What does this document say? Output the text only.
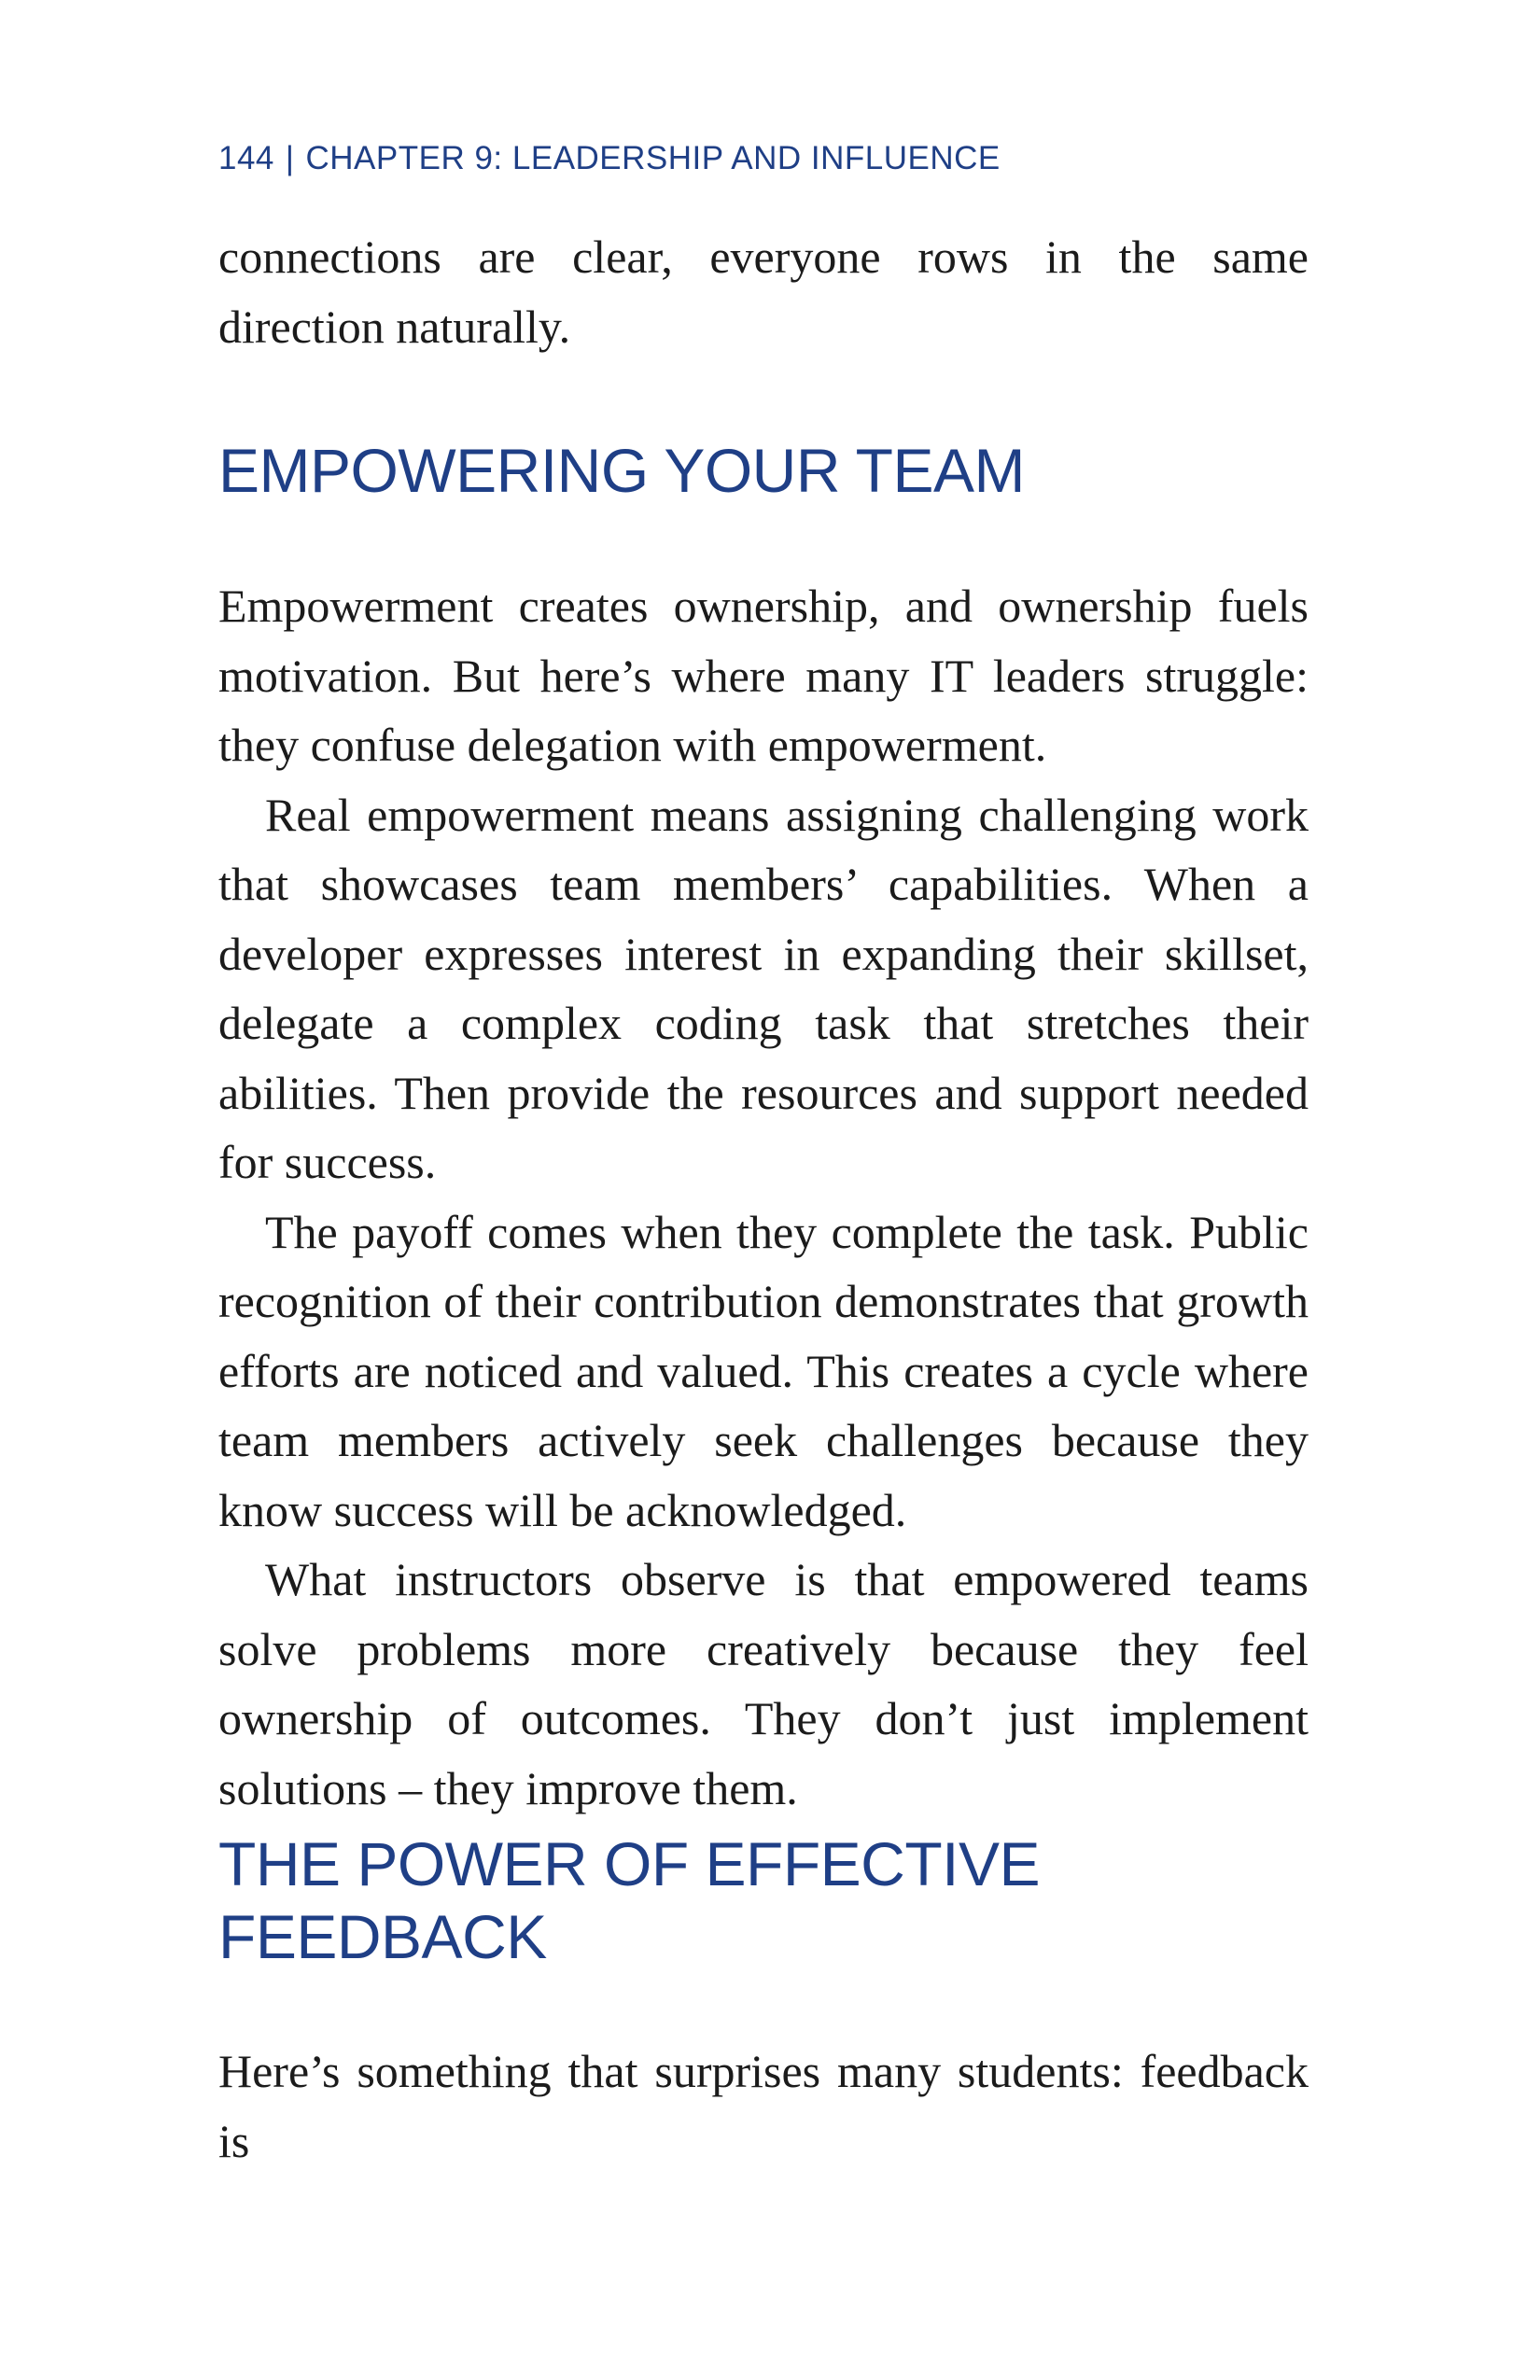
144 | CHAPTER 9: LEADERSHIP AND INFLUENCE

connections are clear, everyone rows in the same direction naturally.

EMPOWERING YOUR TEAM

Empowerment creates ownership, and ownership fuels motivation. But here’s where many IT leaders struggle: they confuse delegation with empowerment.

Real empowerment means assigning challenging work that showcases team members’ capabilities. When a developer expresses interest in expanding their skillset, delegate a complex coding task that stretches their abilities. Then provide the resources and support needed for success.

The payoff comes when they complete the task. Public recognition of their contribution demonstrates that growth efforts are noticed and valued. This creates a cycle where team members actively seek challenges because they know success will be acknowledged.

What instructors observe is that empowered teams solve problems more creatively because they feel ownership of outcomes. They don’t just implement solutions – they improve them.

THE POWER OF EFFECTIVE
FEEDBACK

Here’s something that surprises many students: feedback is
